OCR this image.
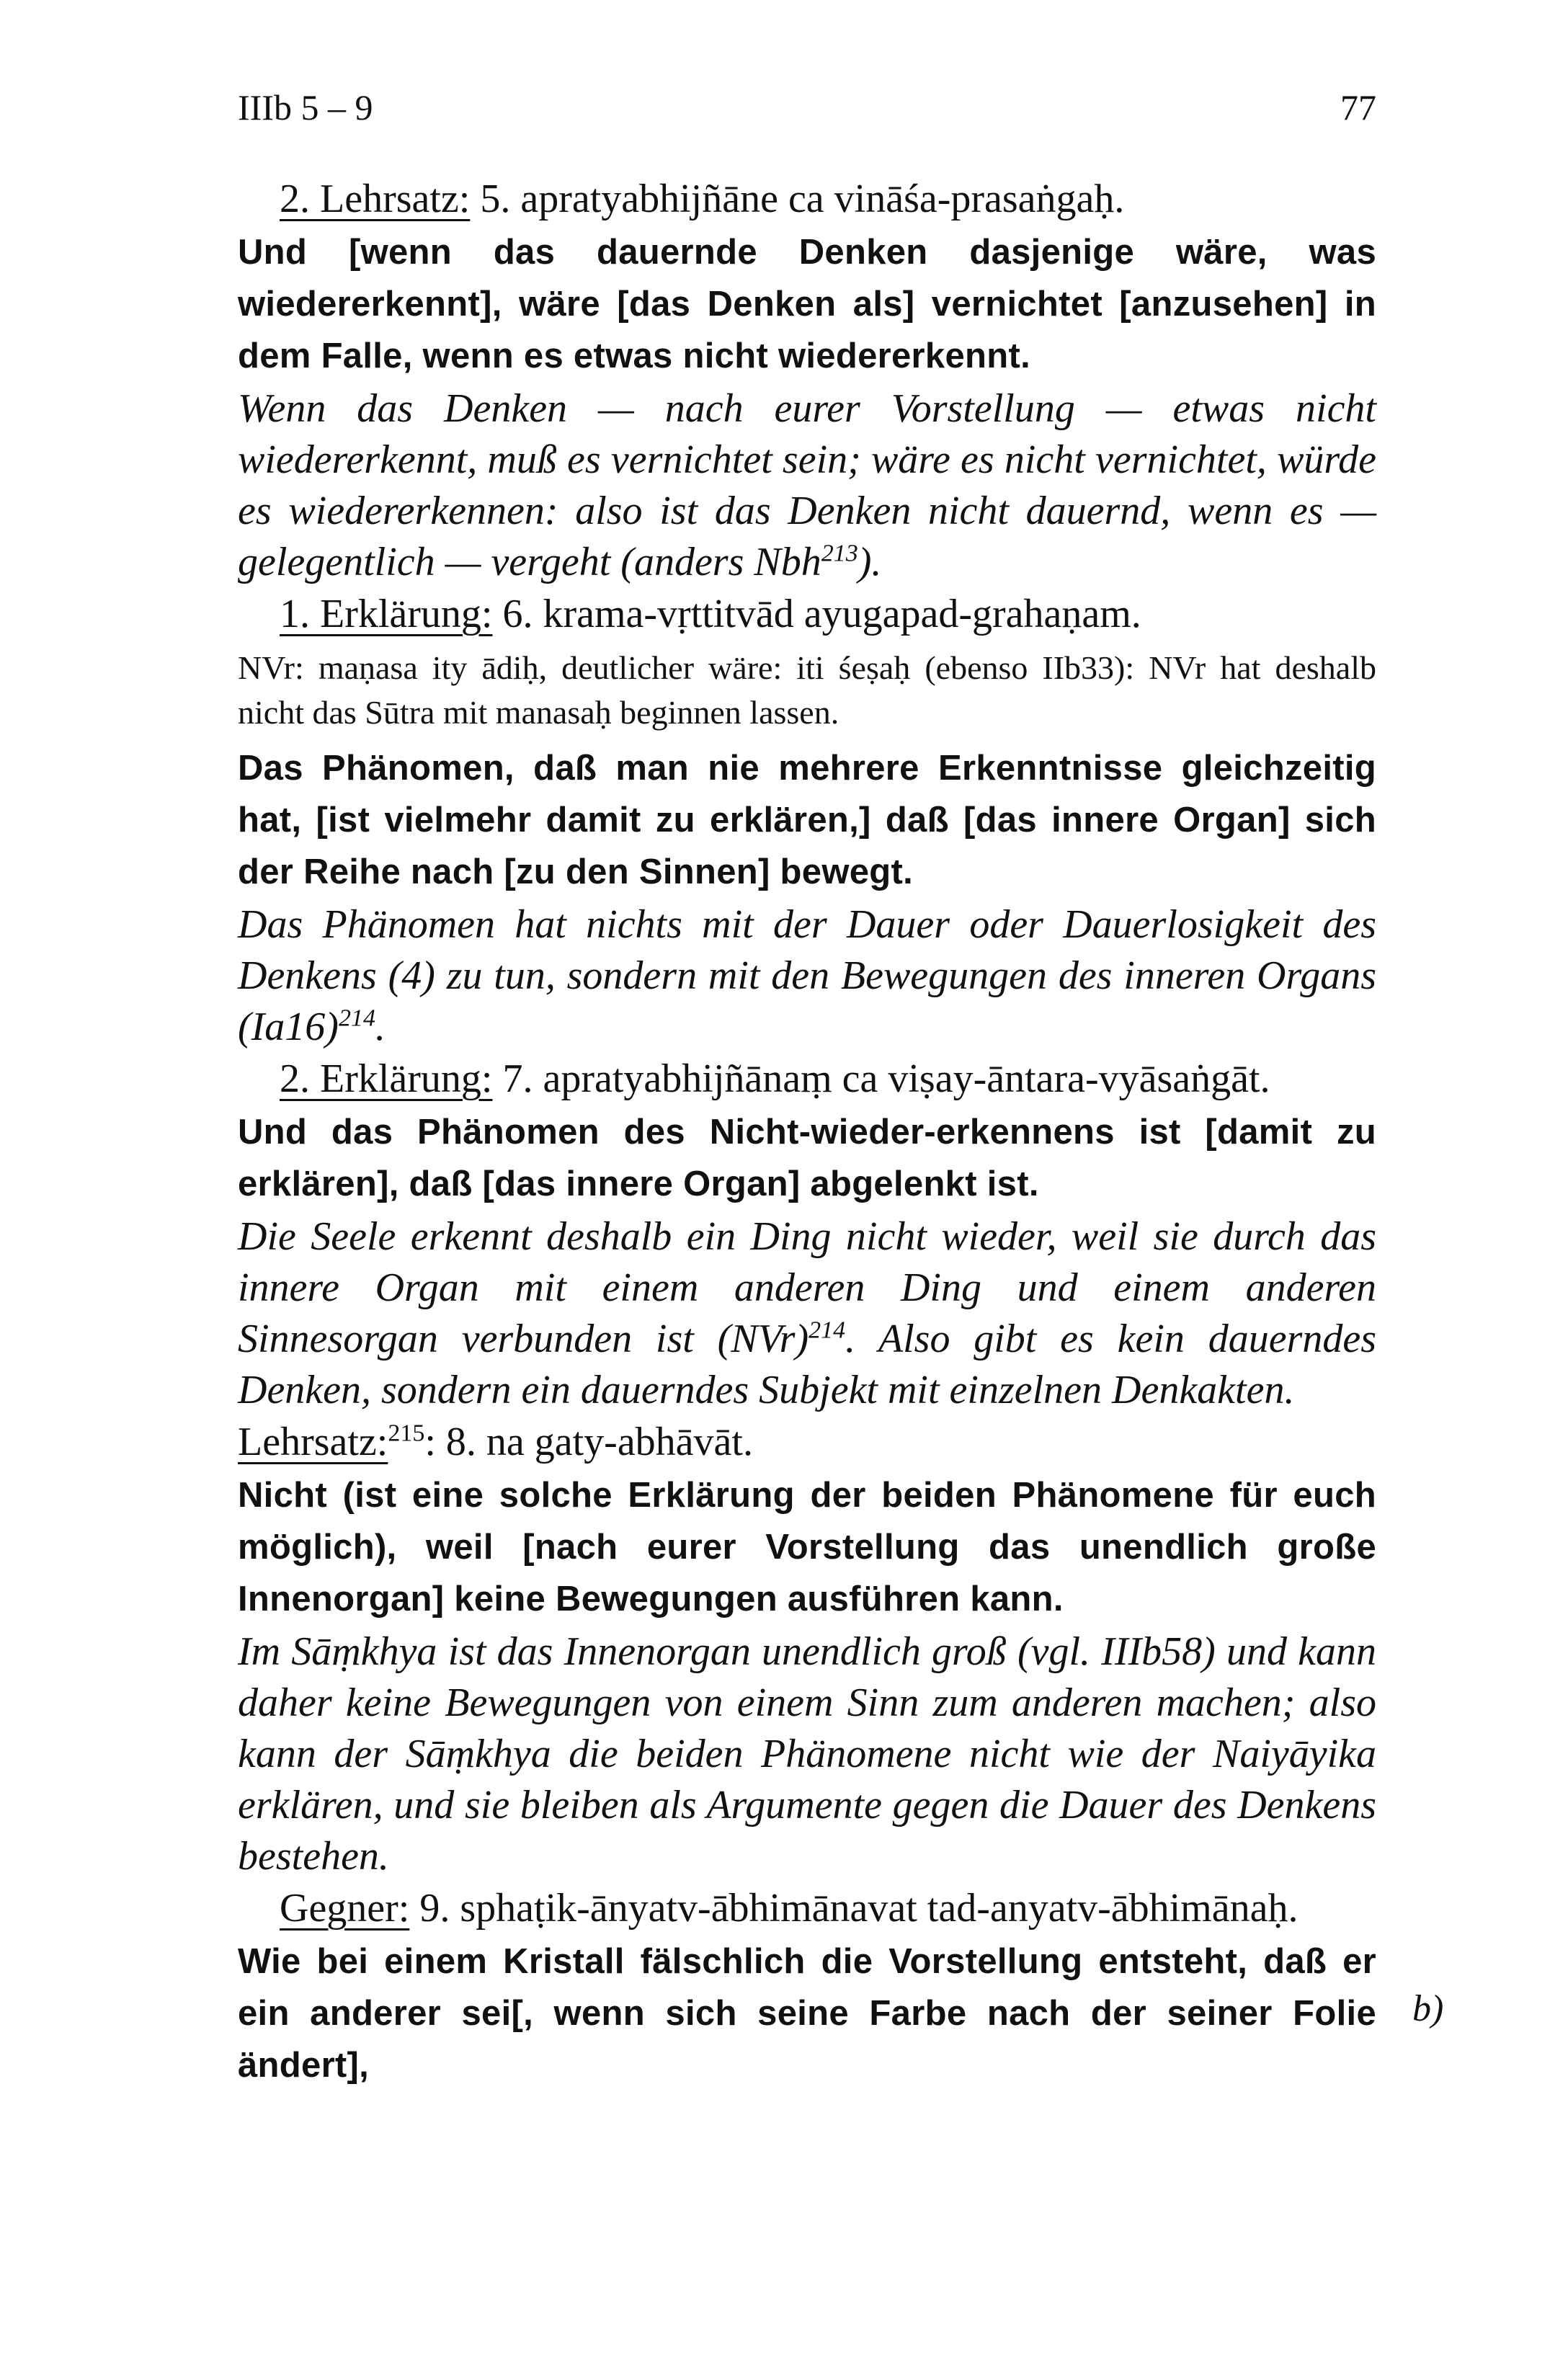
IIIb 5 – 9	77

2. Lehrsatz: 5. apratyabhijñāne ca vināśa-prasaṅgaḥ.

Und [wenn das dauernde Denken dasjenige wäre, was wiedererkennt], wäre [das Denken als] vernichtet [anzusehen] in dem Falle, wenn es etwas nicht wiedererkennt.

Wenn das Denken — nach eurer Vorstellung — etwas nicht wiedererkennt, muß es vernichtet sein; wäre es nicht vernichtet, würde es wiedererkennen: also ist das Denken nicht dauernd, wenn es — gelegentlich — vergeht (anders Nbh$^{213}$).

1. Erklärung: 6. krama-vṛttitvād ayugapad-grahaṇam.

NVr: maṇasa ity ādiḥ, deutlicher wäre: iti śeṣaḥ (ebenso IIb33): NVr hat deshalb nicht das Sūtra mit manasaḥ beginnen lassen.

Das Phänomen, daß man nie mehrere Erkenntnisse gleichzeitig hat, [ist vielmehr damit zu erklären,] daß [das innere Organ] sich der Reihe nach [zu den Sinnen] bewegt.

Das Phänomen hat nichts mit der Dauer oder Dauerlosigkeit des Denkens (4) zu tun, sondern mit den Bewegungen des inneren Organs $(Ia16)^{214}$.

2. Erklärung: 7. apratyabhijñānaṃ ca viṣay-āntara-vyāsaṅgāt.

Und das Phänomen des Nicht-wieder-erkennens ist [damit zu erklären], daß [das innere Organ] abgelenkt ist.

Die Seele erkennt deshalb ein Ding nicht wieder, weil sie durch das innere Organ mit einem anderen Ding und einem anderen Sinnesorgan verbunden ist (NVr)$^{214}$. Also gibt es kein dauerndes Denken, sondern ein dauerndes Subjekt mit einzelnen Denkakten.

Lehrsatz:$^{215}$: 8. na gaty-abhāvāt.

Nicht (ist eine solche Erklärung der beiden Phänomene für euch möglich), weil [nach eurer Vorstellung das unendlich große Innenorgan] keine Bewegungen ausführen kann.

Im Sāṃkhya ist das Innenorgan unendlich groß (vgl. IIIb58) und kann daher keine Bewegungen von einem Sinn zum anderen machen; also kann der Sāṃkhya die beiden Phänomene nicht wie der Naiyāyika erklären, und sie bleiben als Argumente gegen die Dauer des Denkens bestehen.

Gegner: 9. sphaṭik-ānyatv-ābhimānavat tad-anyatv-ābhimānaḥ.

Wie bei einem Kristall fälschlich die Vorstellung entsteht, daß er ein anderer sei[, wenn sich seine Farbe nach der seiner Folie ändert],

b)
